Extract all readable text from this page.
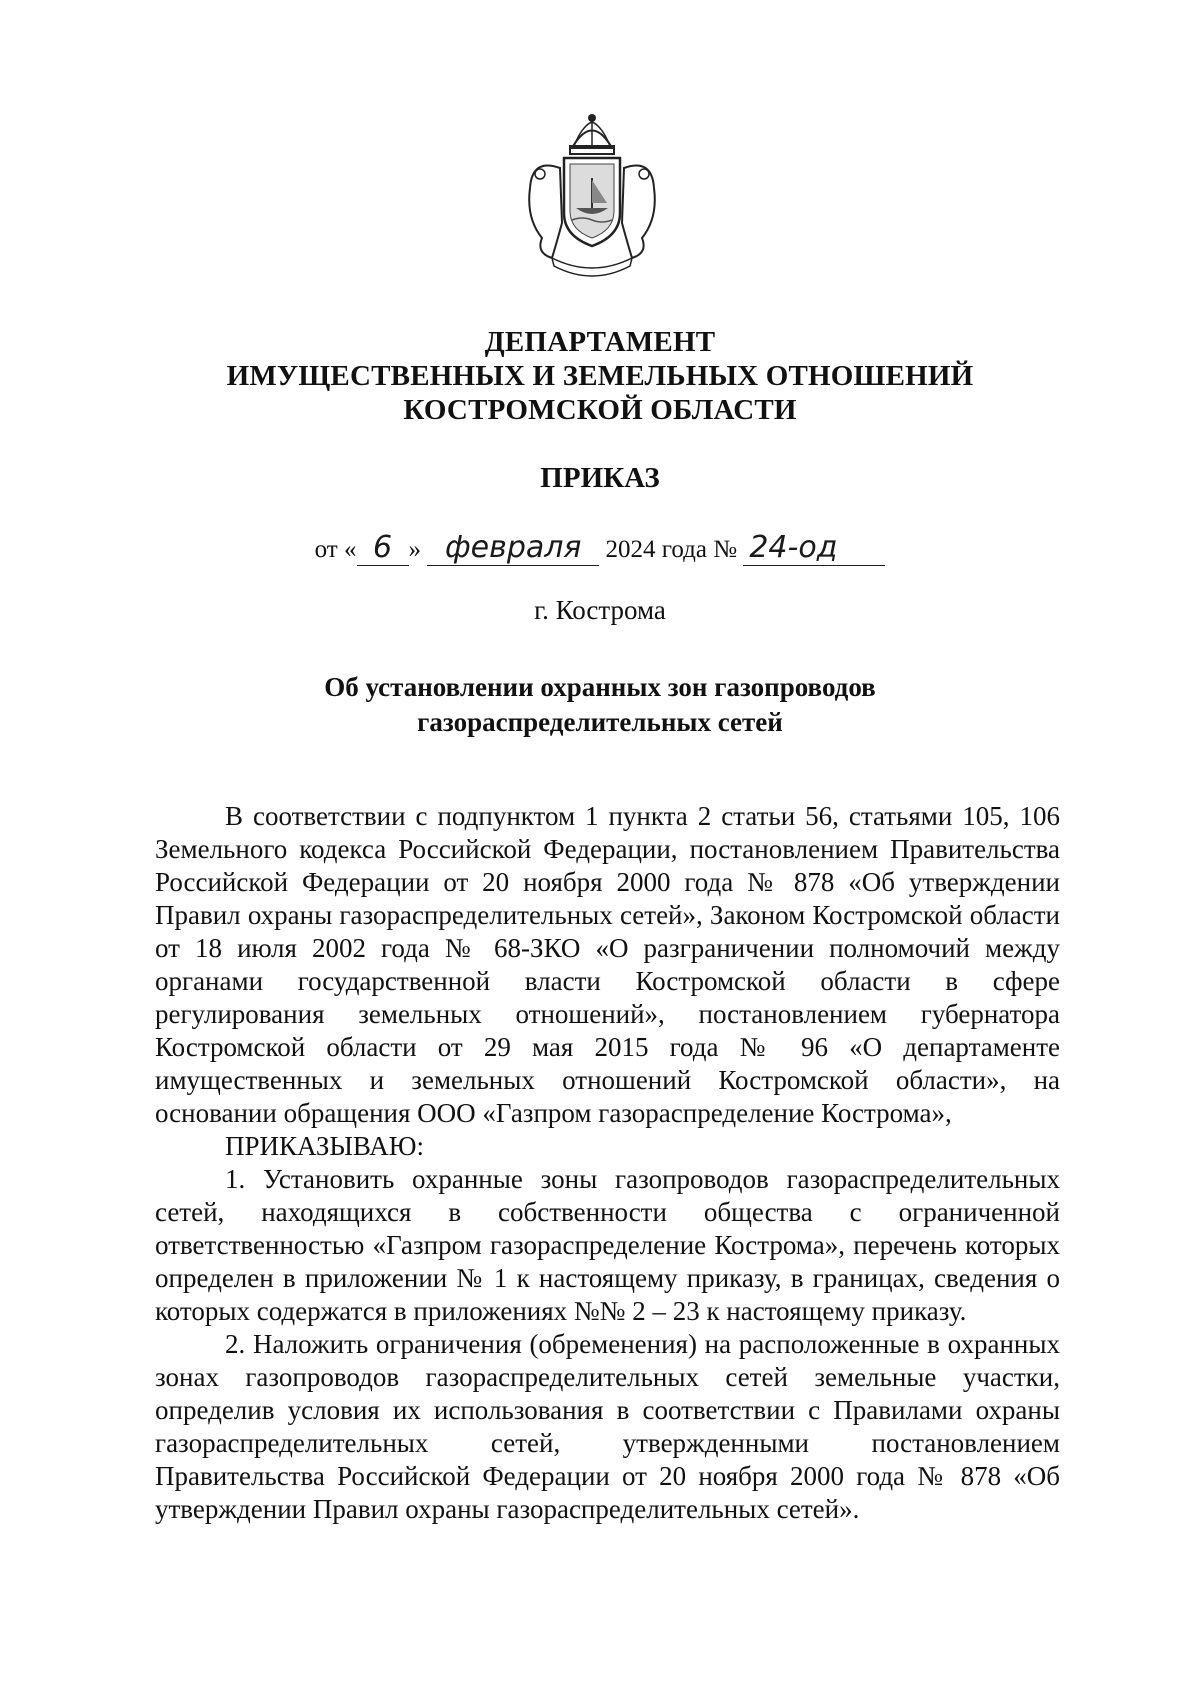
ДЕПАРТАМЕНТ
ИМУЩЕСТВЕННЫХ И ЗЕМЕЛЬНЫХ ОТНОШЕНИЙ
КОСТРОМСКОЙ ОБЛАСТИ
ПРИКАЗ
от « 6 » февраля 2024 года № 24-од
г. Кострома
Об установлении охранных зон газопроводов
газораспределительных сетей

В соответствии с подпунктом 1 пункта 2 статьи 56, статьями 105, 106 Земельного кодекса Российской Федерации, постановлением Правительства Российской Федерации от 20 ноября 2000 года № 878 «Об утверждении Правил охраны газораспределительных сетей», Законом Костромской области от 18 июля 2002 года № 68-ЗКО «О разграничении полномочий между органами государственной власти Костромской области в сфере регулирования земельных отношений», постановлением губернатора Костромской области от 29 мая 2015 года № 96 «О департаменте имущественных и земельных отношений Костромской области», на основании обращения ООО «Газпром газораспределение Кострома»,

ПРИКАЗЫВАЮ:

1. Установить охранные зоны газопроводов газораспределительных сетей, находящихся в собственности общества с ограниченной ответственностью «Газпром газораспределение Кострома», перечень которых определен в приложении № 1 к настоящему приказу, в границах, сведения о которых содержатся в приложениях №№ 2 – 23 к настоящему приказу.

2. Наложить ограничения (обременения) на расположенные в охранных зонах газопроводов газораспределительных сетей земельные участки, определив условия их использования в соответствии с Правилами охраны газораспределительных сетей, утвержденными постановлением Правительства Российской Федерации от 20 ноября 2000 года № 878 «Об утверждении Правил охраны газораспределительных сетей».
